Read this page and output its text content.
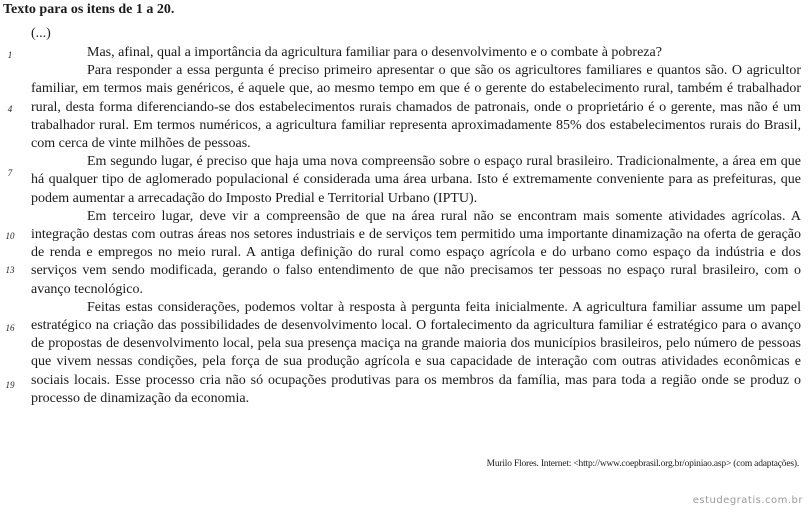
Texto para os itens de 1 a 20.
(...)
1
4
7
10
13
16
19

Mas, afinal, qual a importância da agricultura familiar para o desenvolvimento e o combate à pobreza?

Para responder a essa pergunta é preciso primeiro apresentar o que são os agricultores familiares e quantos são. O agricultor familiar, em termos mais genéricos, é aquele que, ao mesmo tempo em que é o gerente do estabelecimento rural, também é trabalhador rural, desta forma diferenciando-se dos estabelecimentos rurais chamados de patronais, onde o proprietário é o gerente, mas não é um trabalhador rural. Em termos numéricos, a agricultura familiar representa aproximadamente 85% dos estabelecimentos rurais do Brasil, com cerca de vinte milhões de pessoas.

Em segundo lugar, é preciso que haja uma nova compreensão sobre o espaço rural brasileiro. Tradicionalmente, a área em que há qualquer tipo de aglomerado populacional é considerada uma área urbana. Isto é extremamente conveniente para as prefeituras, que podem aumentar a arrecadação do Imposto Predial e Territorial Urbano (IPTU).

Em terceiro lugar, deve vir a compreensão de que na área rural não se encontram mais somente atividades agrícolas. A integração destas com outras áreas nos setores industriais e de serviços tem permitido uma importante dinamização na oferta de geração de renda e empregos no meio rural. A antiga definição do rural como espaço agrícola e do urbano como espaço da indústria e dos serviços vem sendo modificada, gerando o falso entendimento de que não precisamos ter pessoas no espaço rural brasileiro, com o avanço tecnológico.

Feitas estas considerações, podemos voltar à resposta à pergunta feita inicialmente. A agricultura familiar assume um papel estratégico na criação das possibilidades de desenvolvimento local. O fortalecimento da agricultura familiar é estratégico para o avanço de propostas de desenvolvimento local, pela sua presença maciça na grande maioria dos municípios brasileiros, pelo número de pessoas que vivem nessas condições, pela força de sua produção agrícola e sua capacidade de interação com outras atividades econômicas e sociais locais. Esse processo cria não só ocupações produtivas para os membros da família, mas para toda a região onde se produz o processo de dinamização da economia.

Murilo Flores. Internet: <http://www.coepbrasil.org.br/opiniao.asp> (com adaptações).
estudegratis.com.br
